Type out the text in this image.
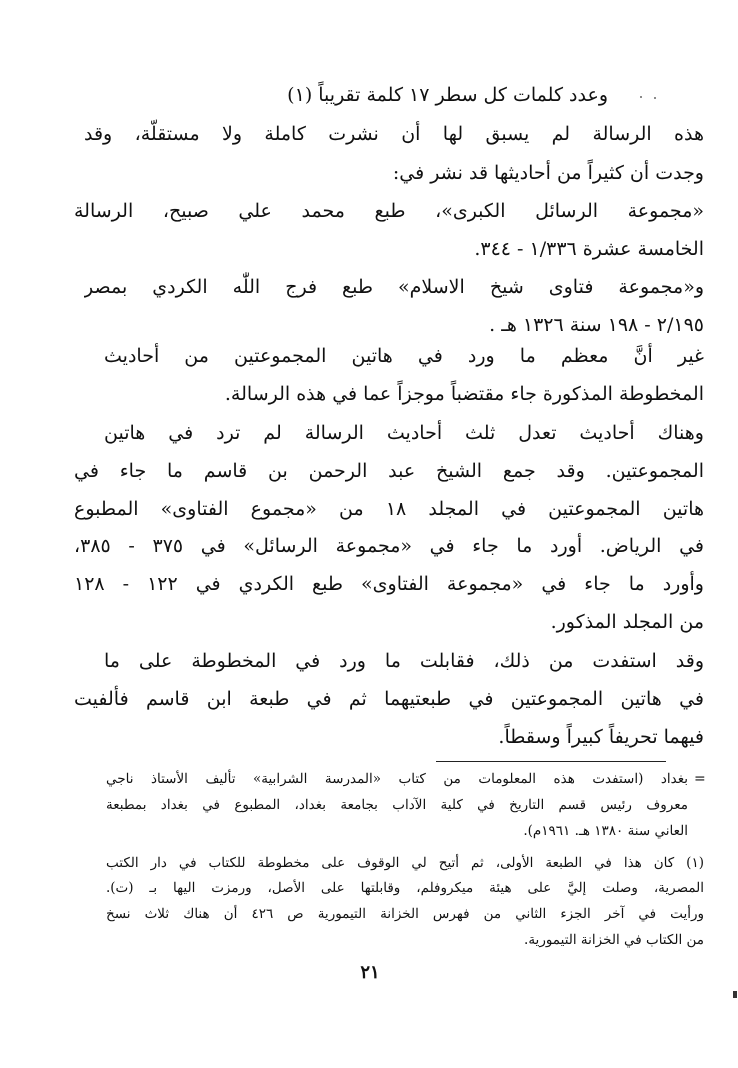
وعدد كلمات كل سطر ١٧ كلمة تقريباً (١)
هذه الرسالة لم يسبق لها أن نشرت كاملة ولا مستقلّة، وقد
وجدت أن كثيراً من أحاديثها قد نشر في:
«مجموعة الرسائل الكبرى»، طبع محمد علي صبيح، الرسالة
الخامسة عشرة ١/٣٣٦ - ٣٤٤.
و«مجموعة فتاوى شيخ الاسلام» طبع فرج اللّٰه الكردي بمصر
٢/١٩٥ - ١٩٨ سنة ١٣٢٦ هـ .
غير أنَّ معظم ما ورد في هاتين المجموعتين من أحاديث
المخطوطة المذكورة جاء مقتضباً موجزاً عما في هذه الرسالة.
وهناك أحاديث تعدل ثلث أحاديث الرسالة لم ترد في هاتين
المجموعتين. وقد جمع الشيخ عبد الرحمن بن قاسم ما جاء في
هاتين المجموعتين في المجلد ١٨ من «مجموع الفتاوى» المطبوع
في الرياض. أورد ما جاء في «مجموعة الرسائل» في ٣٧٥ - ٣٨٥،
وأورد ما جاء في «مجموعة الفتاوى» طبع الكردي في ١٢٢ - ١٢٨
من المجلد المذكور.
وقد استفدت من ذلك، فقابلت ما ورد في المخطوطة على ما
في هاتين المجموعتين في طبعتيهما ثم في طبعة ابن قاسم فألفيت
فيهما تحريفاً كبيراً وسقطاً.
=
بغداد (استفدت هذه المعلومات من كتاب «المدرسة الشرابية» تأليف الأستاذ ناجي
معروف رئيس قسم التاريخ في كلية الآداب بجامعة بغداد، المطبوع في بغداد بمطبعة
العاني سنة ١٣٨٠ هـ. ١٩٦١م).
(١) كان هذا في الطبعة الأولى، ثم أتيح لي الوقوف على مخطوطة للكتاب في دار الكتب
المصرية، وصلت إليَّ على هيئة ميكروفلم، وقابلتها على الأصل، ورمزت اليها بـ (ت).
ورأيت في آخر الجزء الثاني من فهرس الخزانة التيمورية ص ٤٢٦ أن هناك ثلاث نسخ
من الكتاب في الخزانة التيمورية.
٢١
